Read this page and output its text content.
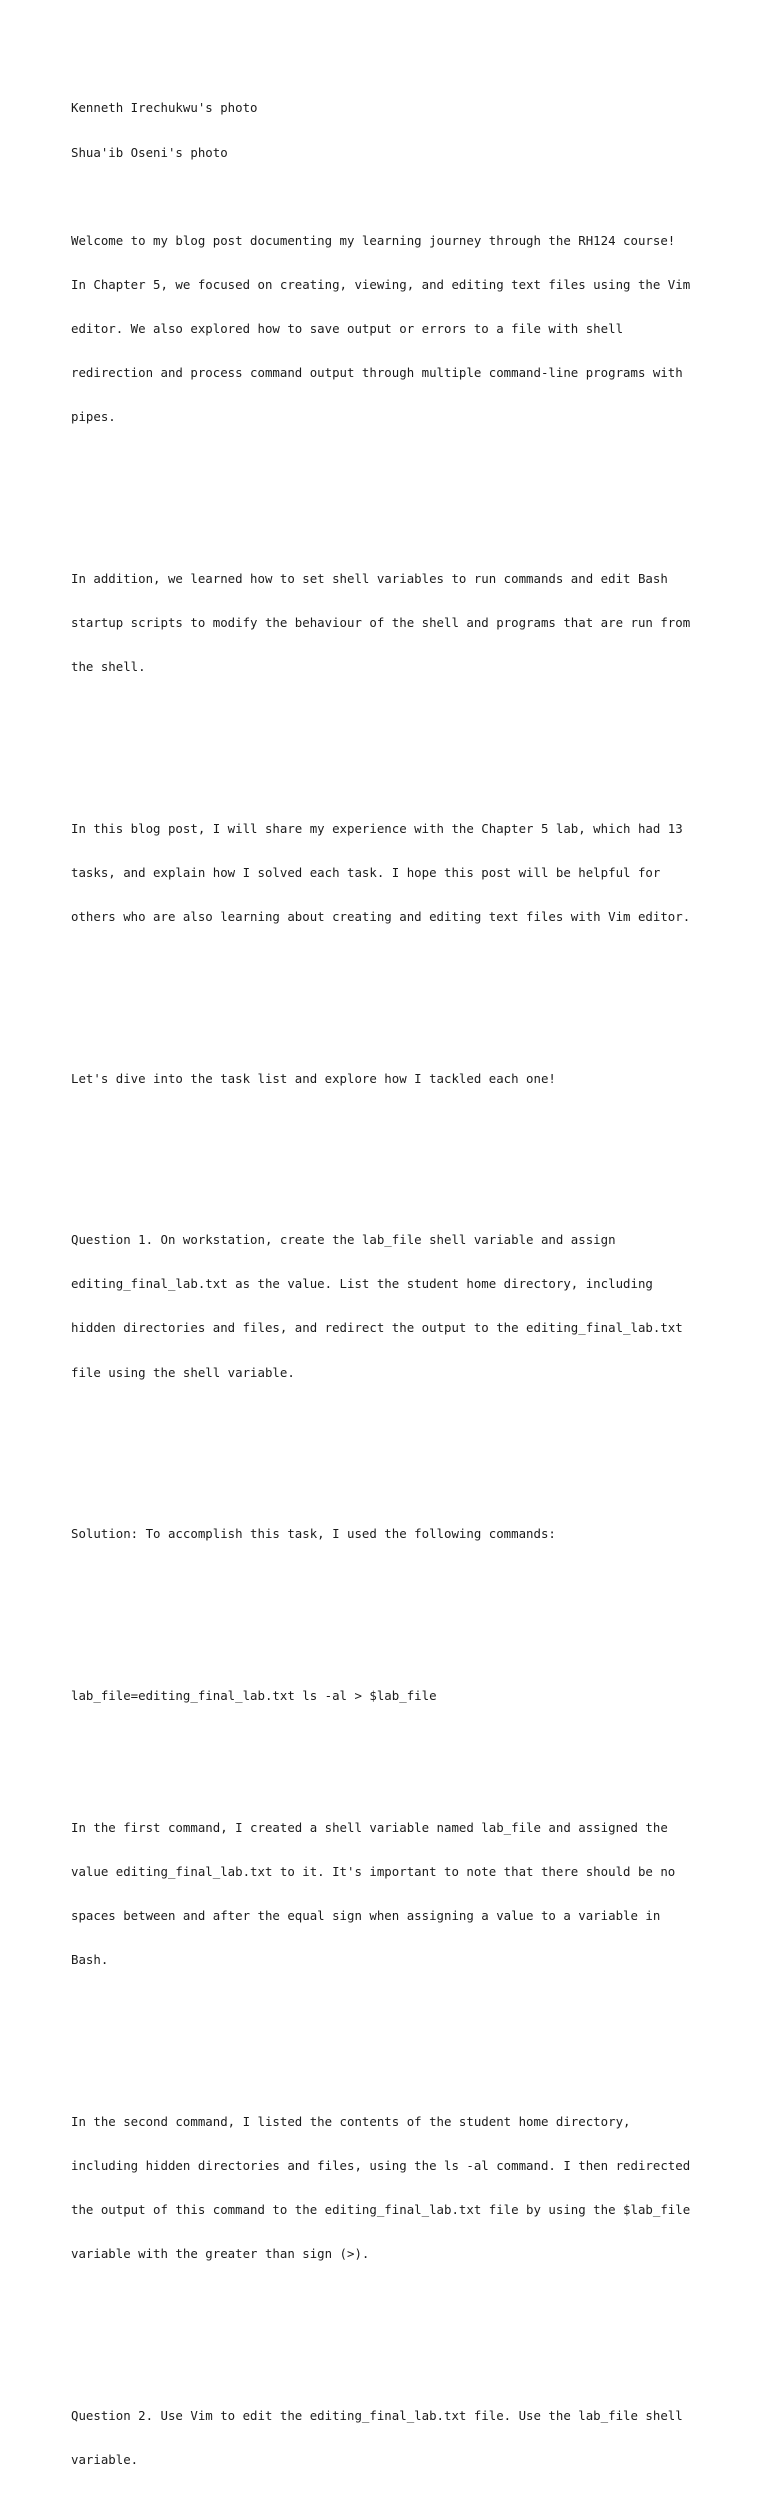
Kenneth Irechukwu's photo

Shua'ib Oseni's photo

Welcome to my blog post documenting my learning journey through the RH124 course!

In Chapter 5, we focused on creating, viewing, and editing text files using the Vim

editor. We also explored how to save output or errors to a file with shell

redirection and process command output through multiple command-line programs with

pipes.

In addition, we learned how to set shell variables to run commands and edit Bash

startup scripts to modify the behaviour of the shell and programs that are run from

the shell.

In this blog post, I will share my experience with the Chapter 5 lab, which had 13

tasks, and explain how I solved each task. I hope this post will be helpful for

others who are also learning about creating and editing text files with Vim editor.

Let's dive into the task list and explore how I tackled each one!

Question 1. On workstation, create the lab_file shell variable and assign

editing_final_lab.txt as the value. List the student home directory, including

hidden directories and files, and redirect the output to the editing_final_lab.txt

file using the shell variable.

Solution: To accomplish this task, I used the following commands:

lab_file=editing_final_lab.txt ls -al > $lab_file

In the first command, I created a shell variable named lab_file and assigned the

value editing_final_lab.txt to it. It's important to note that there should be no

spaces between and after the equal sign when assigning a value to a variable in

Bash.

In the second command, I listed the contents of the student home directory,

including hidden directories and files, using the ls -al command. I then redirected

the output of this command to the editing_final_lab.txt file by using the $lab_file

variable with the greater than sign (>).

Question 2. Use Vim to edit the editing_final_lab.txt file. Use the lab_file shell

variable.
